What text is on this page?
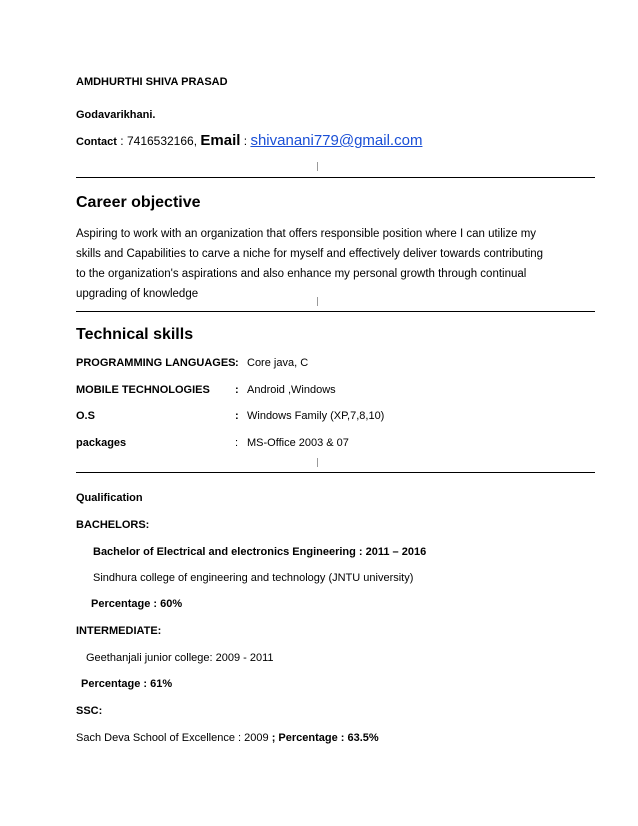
AMDHURTHI SHIVA PRASAD
Godavarikhani.
Contact : 7416532166, Email : shivanani779@gmail.com
Career objective
Aspiring to work with an organization that offers responsible position where I can utilize my
skills and Capabilities to carve a niche for myself and effectively deliver towards contributing
to the organization's aspirations and also enhance my personal growth through continual
upgrading of knowledge
Technical skills
PROGRAMMING LANGUAGES : Core java, C
MOBILE TECHNOLOGIES : Android ,Windows
O.S	: Windows Family (XP,7,8,10)
packages	: MS-Office 2003 & 07
Qualification
BACHELORS:
Bachelor of Electrical and electronics Engineering : 2011 – 2016
Sindhura college of engineering and technology (JNTU university)
Percentage : 60%
INTERMEDIATE:
Geethanjali junior college: 2009 - 2011
Percentage : 61%
SSC:
Sach Deva School of Excellence : 2009 ; Percentage : 63.5%
